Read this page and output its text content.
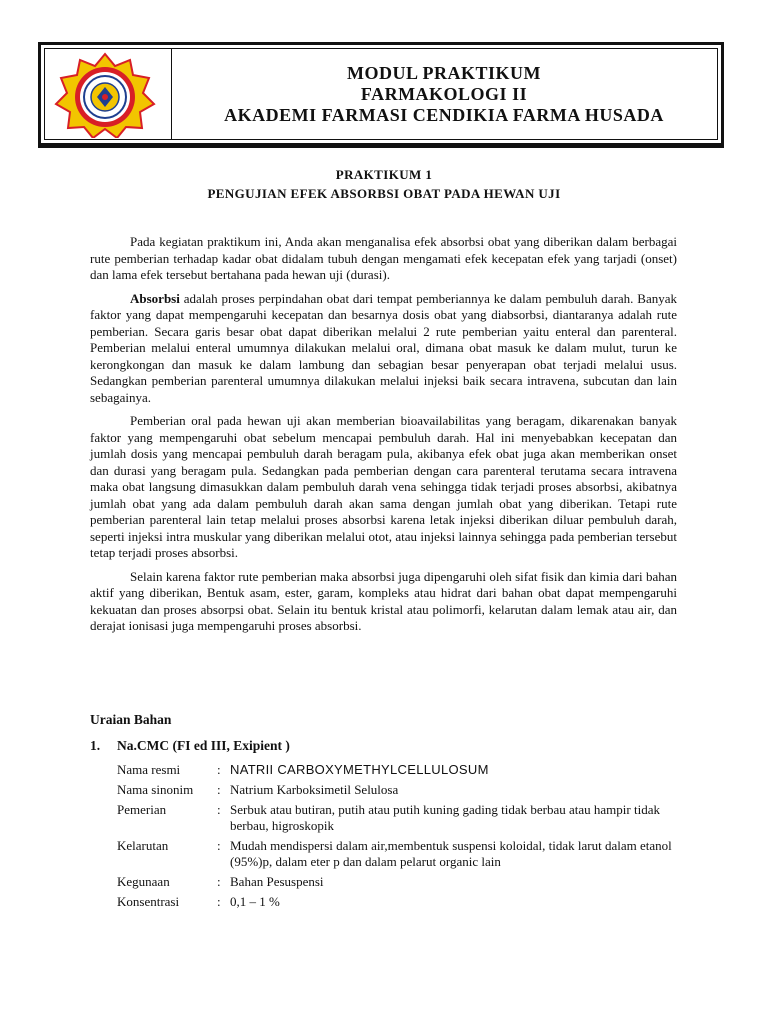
MODUL PRAKTIKUM
FARMAKOLOGI II
AKADEMI FARMASI CENDIKIA FARMA HUSADA
PRAKTIKUM 1
PENGUJIAN EFEK ABSORBSI OBAT PADA HEWAN UJI

Pada kegiatan praktikum ini, Anda akan menganalisa efek absorbsi obat yang diberikan dalam berbagai rute pemberian terhadap kadar obat didalam tubuh dengan mengamati efek kecepatan efek yang tarjadi (onset) dan lama efek tersebut bertahana pada hewan uji (durasi).

Absorbsi adalah proses perpindahan obat dari tempat pemberiannya ke dalam pembuluh darah. Banyak faktor yang dapat mempengaruhi kecepatan dan besarnya dosis obat yang diabsorbsi, diantaranya adalah rute pemberian. Secara garis besar obat dapat diberikan melalui 2 rute pemberian yaitu enteral dan parenteral. Pemberian melalui enteral umumnya dilakukan melalui oral, dimana obat masuk ke dalam mulut, turun ke kerongkongan dan masuk ke dalam lambung dan sebagian besar penyerapan obat terjadi melalui usus. Sedangkan pemberian parenteral umumnya dilakukan melalui injeksi baik secara intravena, subcutan dan lain sebagainya.

Pemberian oral pada hewan uji akan memberian bioavailabilitas yang beragam, dikarenakan banyak faktor yang mempengaruhi obat sebelum mencapai pembuluh darah. Hal ini menyebabkan kecepatan dan jumlah dosis yang mencapai pembuluh darah beragam pula, akibanya efek obat juga akan memberikan onset dan durasi yang beragam pula. Sedangkan pada pemberian dengan cara parenteral terutama secara intravena maka obat langsung dimasukkan dalam pembuluh darah vena sehingga tidak terjadi proses absorbsi, akibatnya jumlah obat yang ada dalam pembuluh darah akan sama dengan jumlah obat yang diberikan. Tetapi rute pemberian parenteral lain tetap melalui proses absorbsi karena letak injeksi diberikan diluar pembuluh darah, seperti injeksi intra muskular yang diberikan melalui otot, atau injeksi lainnya sehingga pada pemberian tersebut tetap terjadi proses absorbsi.

Selain karena faktor rute pemberian maka absorbsi juga dipengaruhi oleh sifat fisik dan kimia dari bahan aktif yang diberikan, Bentuk asam, ester, garam, kompleks atau hidrat dari bahan obat dapat mempengaruhi kekuatan dan proses absorpsi obat. Selain itu bentuk kristal atau polimorfi, kelarutan dalam lemak atau air, dan derajat ionisasi juga mempengaruhi proses absorbsi.

Uraian Bahan
1. Na.CMC (FI ed III, Exipient )
Nama resmi	: NATRII CARBOXYMETHYLCELLULOSUM
Nama sinonim	: Natrium Karboksimetil Selulosa
Pemerian	: Serbuk atau butiran, putih atau putih kuning gading tidak berbau atau hampir tidak berbau, higroskopik
Kelarutan	: Mudah mendispersi dalam air,membentuk suspensi koloidal, tidak larut dalam etanol (95%)p, dalam eter p dan dalam pelarut organic lain
Kegunaan	: Bahan Pesuspensi
Konsentrasi	: 0,1 – 1 %
